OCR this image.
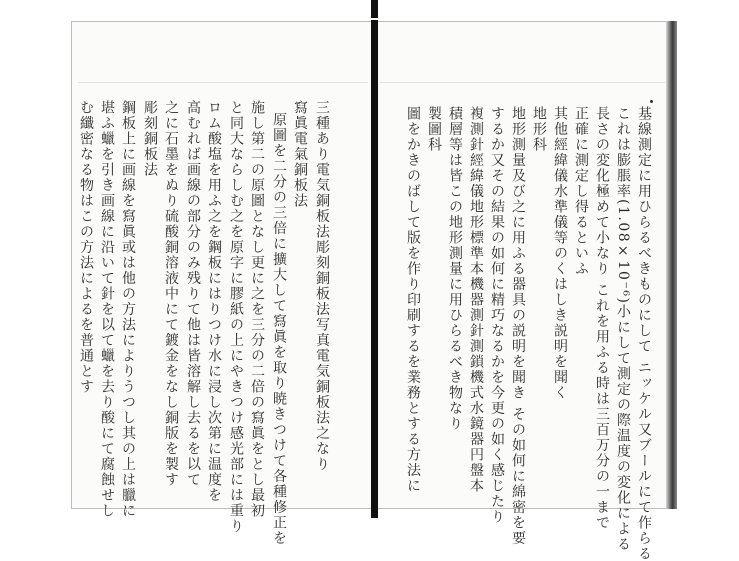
三種あり電気銅板法彫刻銅板法写真電気銅板法之なり
寫眞電氣銅板法
原圖を二分の三倍に擴大して寫眞を取り暁きつけて各種修正を
施し第二の原圖となし更に之を三分の二倍の寫眞をとし最初
と同大ならしむ之を原字に膠紙の上にやきつけ感光部には重り
ロム酸塩を用ふ之を鋼板にはりつけ水に浸し次第に温度を
高むれば画線の部分のみ残りて他は皆溶解し去るを以て
之に石墨をぬり硫酸銅溶液中にて鍍金をなし銅版を製す
彫刻銅板法
鋼板上に画線を寫眞或は他の方法によりうつし其の上は臘に
堪ふ蠟を引き画線に沿いて針を以て蠟を去り酸にて腐蝕せし
む纖密なる物はこの方法によるを普通とす	基線測定に用ひらるべきものにして ニッケル又ブールにて作らる
これは膨脹率(1.08×10⁻⁶)小にして測定の際温度の変化による
長さの変化極めて小なり これを用ふる時は三百万分の一まで
正確に測定し得るといふ
其他經緯儀水準儀等のくはしき説明を聞く
地形科
地形測量及び之に用ふる器具の説明を聞き その如何に綿密を要
するか又その結果の如何に精巧なるかを今更の如く感じたり
複測針經緯儀地形標準本機器測針測鎖機式水鏡器円盤本
積層等は皆この地形測量に用ひらるべき物なり
製圖科
圖をかきのばして版を作り印刷するを業務とする方法に
